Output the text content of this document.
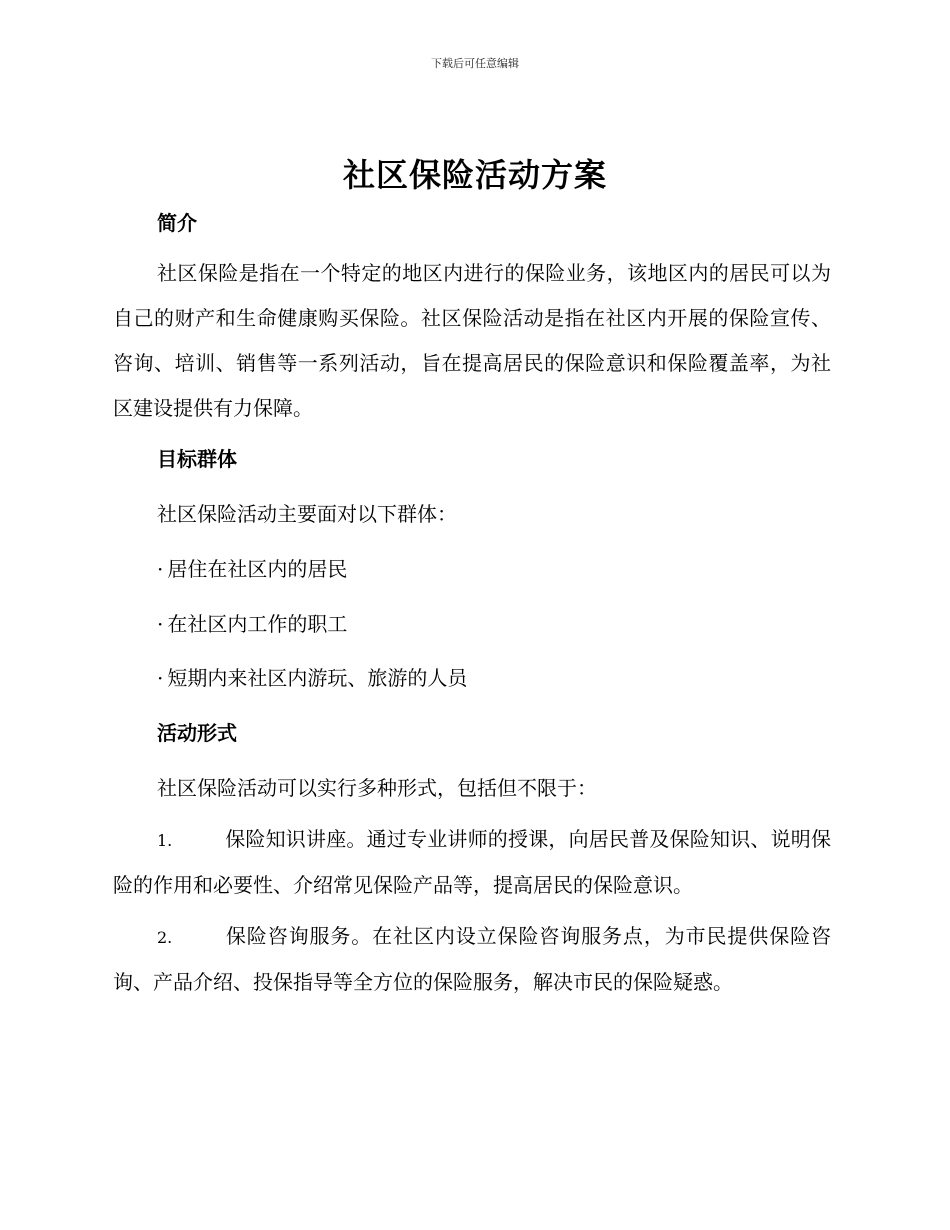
下载后可任意编辑
社区保险活动方案
简介

社区保险是指在一个特定的地区内进行的保险业务，该地区内的居民可以为自己的财产和生命健康购买保险。社区保险活动是指在社区内开展的保险宣传、咨询、培训、销售等一系列活动，旨在提高居民的保险意识和保险覆盖率，为社区建设提供有力保障。

目标群体

社区保险活动主要面对以下群体：

· 居住在社区内的居民

· 在社区内工作的职工

· 短期内来社区内游玩、旅游的人员

活动形式

社区保险活动可以实行多种形式，包括但不限于：

1.	保险知识讲座。通过专业讲师的授课，向居民普及保险知识、说明保险的作用和必要性、介绍常见保险产品等，提高居民的保险意识。

2.	保险咨询服务。在社区内设立保险咨询服务点，为市民提供保险咨询、产品介绍、投保指导等全方位的保险服务，解决市民的保险疑惑。
